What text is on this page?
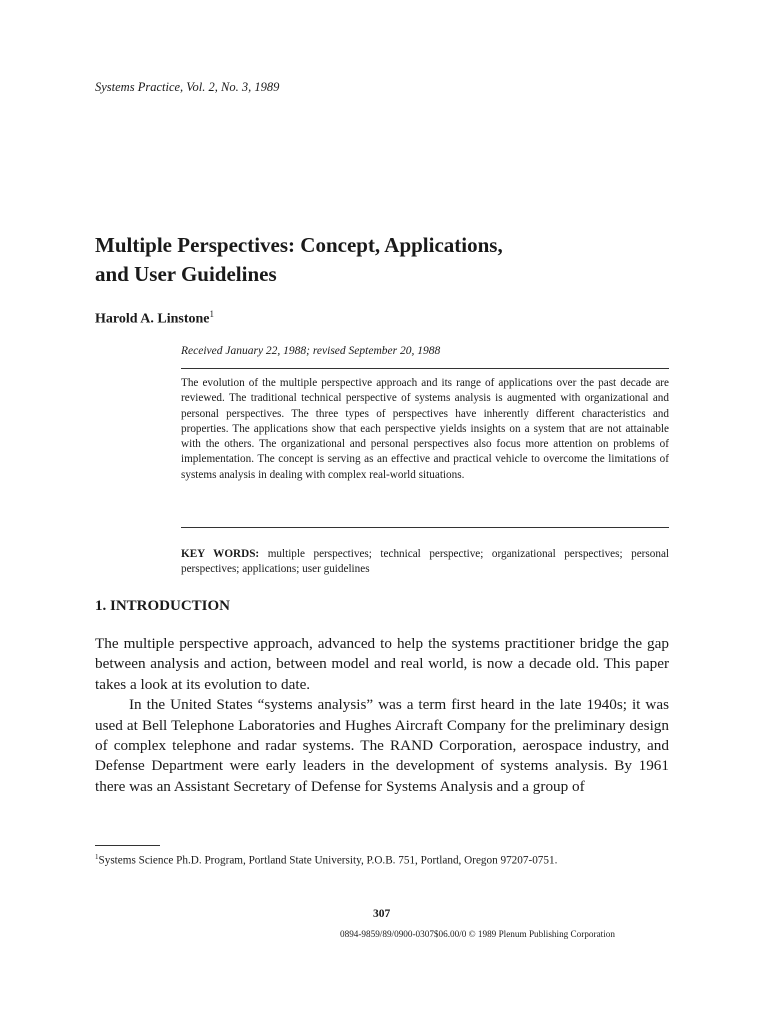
Systems Practice, Vol. 2, No. 3, 1989
Multiple Perspectives: Concept, Applications,
and User Guidelines
Harold A. Linstone$^1$
Received January 22, 1988; revised September 20, 1988
The evolution of the multiple perspective approach and its range of applications over the past decade are reviewed. The traditional technical perspective of systems analysis is augmented with organizational and personal perspectives. The three types of perspectives have inherently different characteristics and properties. The applications show that each perspective yields insights on a system that are not attainable with the others. The organizational and personal perspectives also focus more attention on problems of implementation. The concept is serving as an effective and practical vehicle to overcome the limitations of systems analysis in dealing with complex real-world situations.
KEY WORDS: multiple perspectives; technical perspective; organizational perspectives; personal perspectives; applications; user guidelines
1. INTRODUCTION

The multiple perspective approach, advanced to help the systems practitioner bridge the gap between analysis and action, between model and real world, is now a decade old. This paper takes a look at its evolution to date.

In the United States “systems analysis” was a term first heard in the late 1940s; it was used at Bell Telephone Laboratories and Hughes Aircraft Company for the preliminary design of complex telephone and radar systems. The RAND Corporation, aerospace industry, and Defense Department were early leaders in the development of systems analysis. By 1961 there was an Assistant Secretary of Defense for Systems Analysis and a group of

$^1$Systems Science Ph.D. Program, Portland State University, P.O.B. 751, Portland, Oregon 97207-0751.
307
0894-9859/89/0900-0307$06.00/0 © 1989 Plenum Publishing Corporation
